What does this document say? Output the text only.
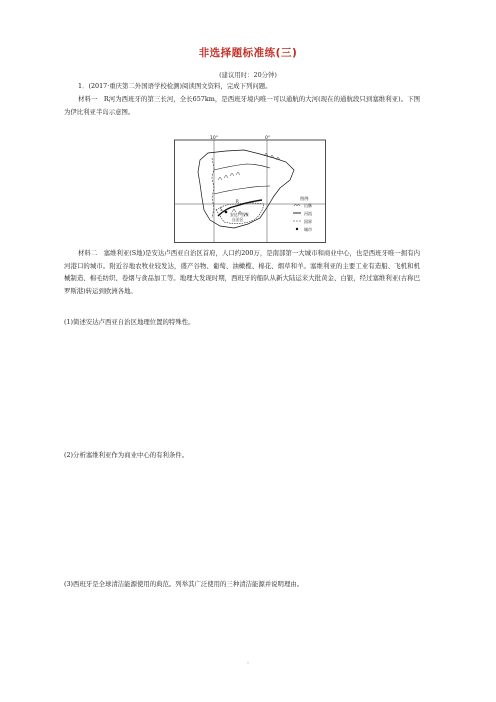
非选择题标准练(三)
(建议用时：20分钟)
1．(2017·重庆第二外国语学校检测)阅读图文资料，完成下列问题。
材料一　R河为西班牙的第三长河，全长657km，是西班牙境内唯一可以通航的大河(现在的通航段只到塞维利亚)。下图为伊比利亚半岛示意图。
10°	0°
R
S
安达卢西亚
自治区
图例
山脉
河流
国界
城市
材料二　塞维利亚(S地)是安达卢西亚自治区首府，人口约200万，是南部第一大城市和商业中心，也是西班牙唯一拥有内河港口的城市。附近谷地农牧业较发达，盛产谷物、葡萄、油橄榄、棉花、烟草和羊。塞维利亚的主要工业有造船、飞机和机械制造、棉毛纺织、卷烟与食品加工等。地理大发现时期，西班牙的船队从新大陆运来大批黄金、白银，经过塞维利亚(古称巴罗斯港)转运到欧洲各地。
(1)简述安达卢西亚自治区地理位置的特殊性。
(2)分析塞维利亚作为商业中心的有利条件。
(3)西班牙是全球清洁能源使用的典范。列举其广泛使用的三种清洁能源并说明理由。
1
